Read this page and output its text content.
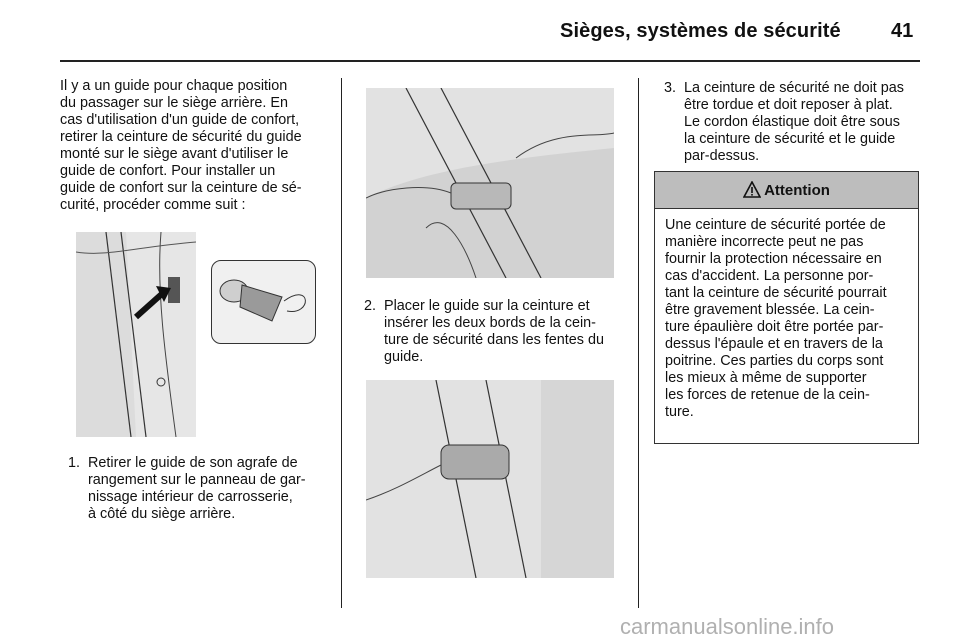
Sièges, systèmes de sécurité	41
Il y a un guide pour chaque position
du passager sur le siège arrière. En
cas d'utilisation d'un guide de confort,
retirer la ceinture de sécurité du guide
monté sur le siège avant d'utiliser le
guide de confort. Pour installer un
guide de confort sur la ceinture de sé-
curité, procéder comme suit :
1. Retirer le guide de son agrafe de
rangement sur le panneau de gar-
nissage intérieur de carrosserie,
à côté du siège arrière.
2. Placer le guide sur la ceinture et
insérer les deux bords de la cein-
ture de sécurité dans les fentes du
guide.
3. La ceinture de sécurité ne doit pas
être tordue et doit reposer à plat.
Le cordon élastique doit être sous
la ceinture de sécurité et le guide
par-dessus.
Attention
Une ceinture de sécurité portée de
manière incorrecte peut ne pas
fournir la protection nécessaire en
cas d'accident. La personne por-
tant la ceinture de sécurité pourrait
être gravement blessée. La cein-
ture épaulière doit être portée par-
dessus l'épaule et en travers de la
poitrine. Ces parties du corps sont
les mieux à même de supporter
les forces de retenue de la cein-
ture.
carmanualsonline.info
